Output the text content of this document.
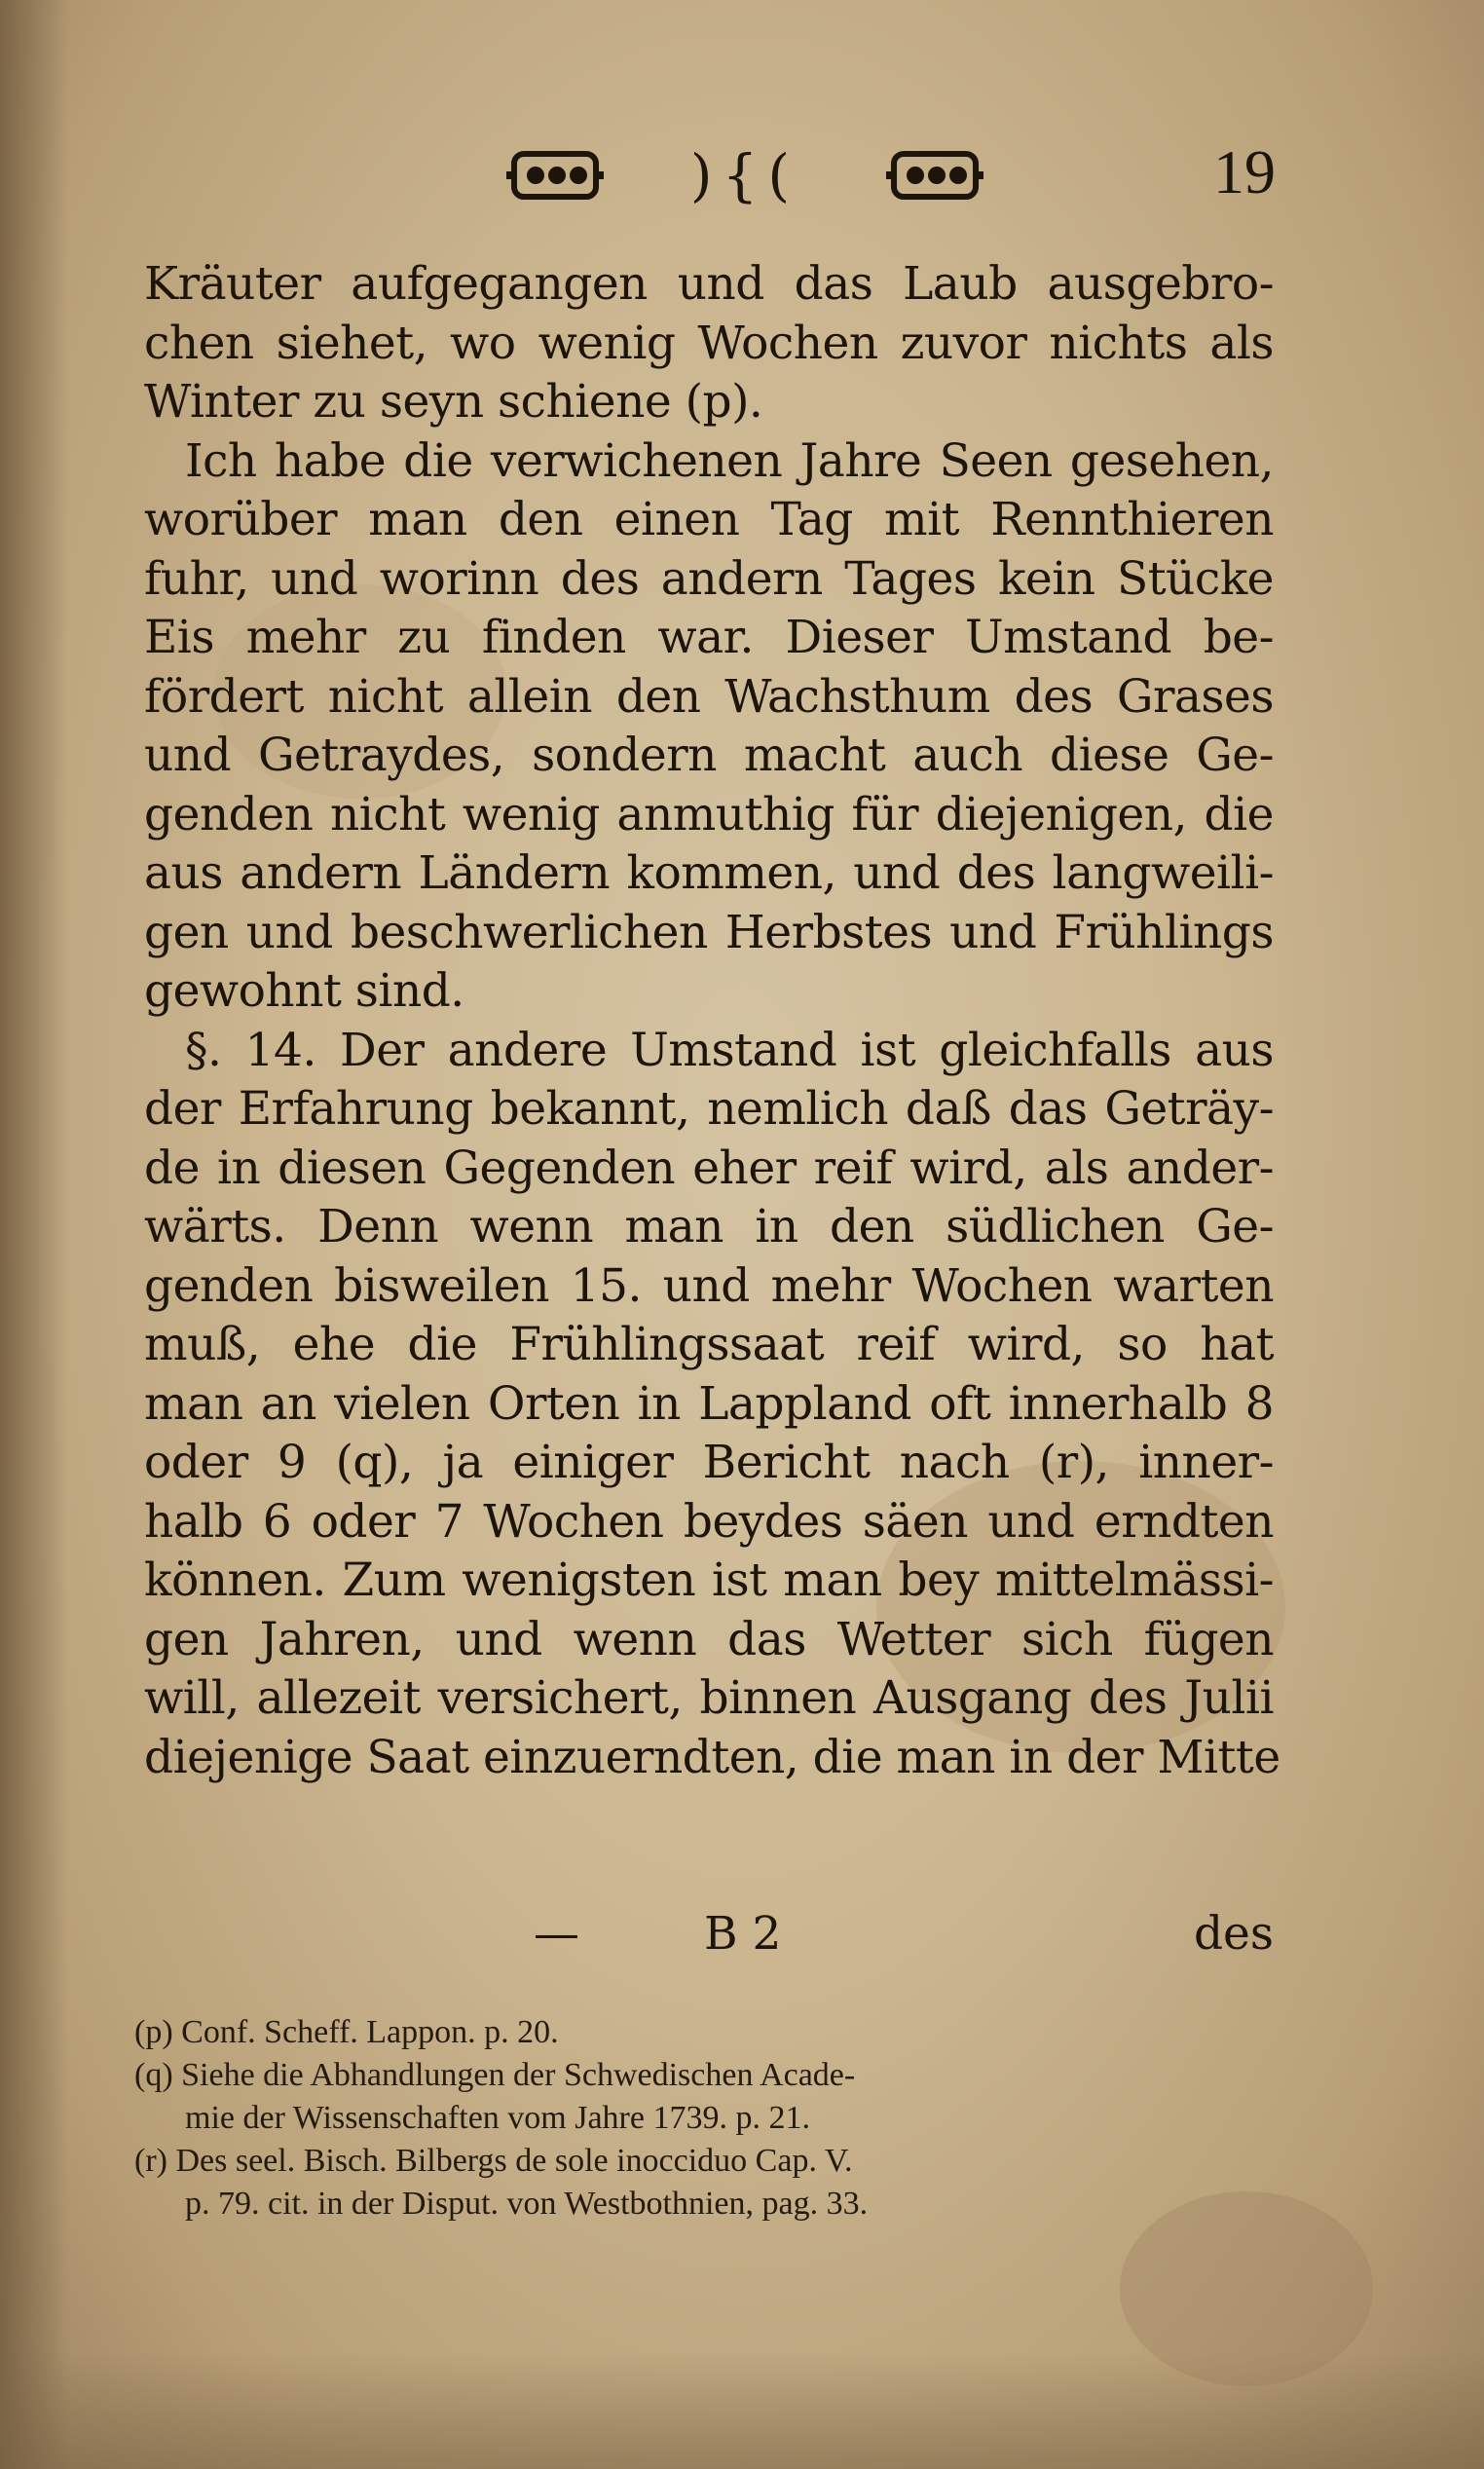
){(	19
Kräuter aufgegangen und das Laub ausgebro-
chen siehet, wo wenig Wochen zuvor nichts als
Winter zu seyn schiene (p).
Ich habe die verwichenen Jahre Seen gesehen,
worüber man den einen Tag mit Rennthieren
fuhr, und worinn des andern Tages kein Stücke
Eis mehr zu finden war. Dieser Umstand be-
fördert nicht allein den Wachsthum des Grases
und Getraydes, sondern macht auch diese Ge-
genden nicht wenig anmuthig für diejenigen, die
aus andern Ländern kommen, und des langweili-
gen und beschwerlichen Herbstes und Frühlings
gewohnt sind.
§. 14. Der andere Umstand ist gleichfalls aus
der Erfahrung bekannt, nemlich daß das Geträy-
de in diesen Gegenden eher reif wird, als ander-
wärts. Denn wenn man in den südlichen Ge-
genden bisweilen 15. und mehr Wochen warten
muß, ehe die Frühlingssaat reif wird, so hat
man an vielen Orten in Lappland oft innerhalb 8
oder 9 (q), ja einiger Bericht nach (r), inner-
halb 6 oder 7 Wochen beydes säen und erndten
können. Zum wenigsten ist man bey mittelmässi-
gen Jahren, und wenn das Wetter sich fügen
will, allezeit versichert, binnen Ausgang des Julii
diejenige Saat einzuerndten, die man in der Mitte
—	B 2	des
(p) Conf. Scheff. Lappon. p. 20.
(q) Siehe die Abhandlungen der Schwedischen Acade-
mie der Wissenschaften vom Jahre 1739. p. 21.
(r) Des seel. Bisch. Bilbergs de sole inocciduo Cap. V.
p. 79. cit. in der Disput. von Westbothnien, pag. 33.
